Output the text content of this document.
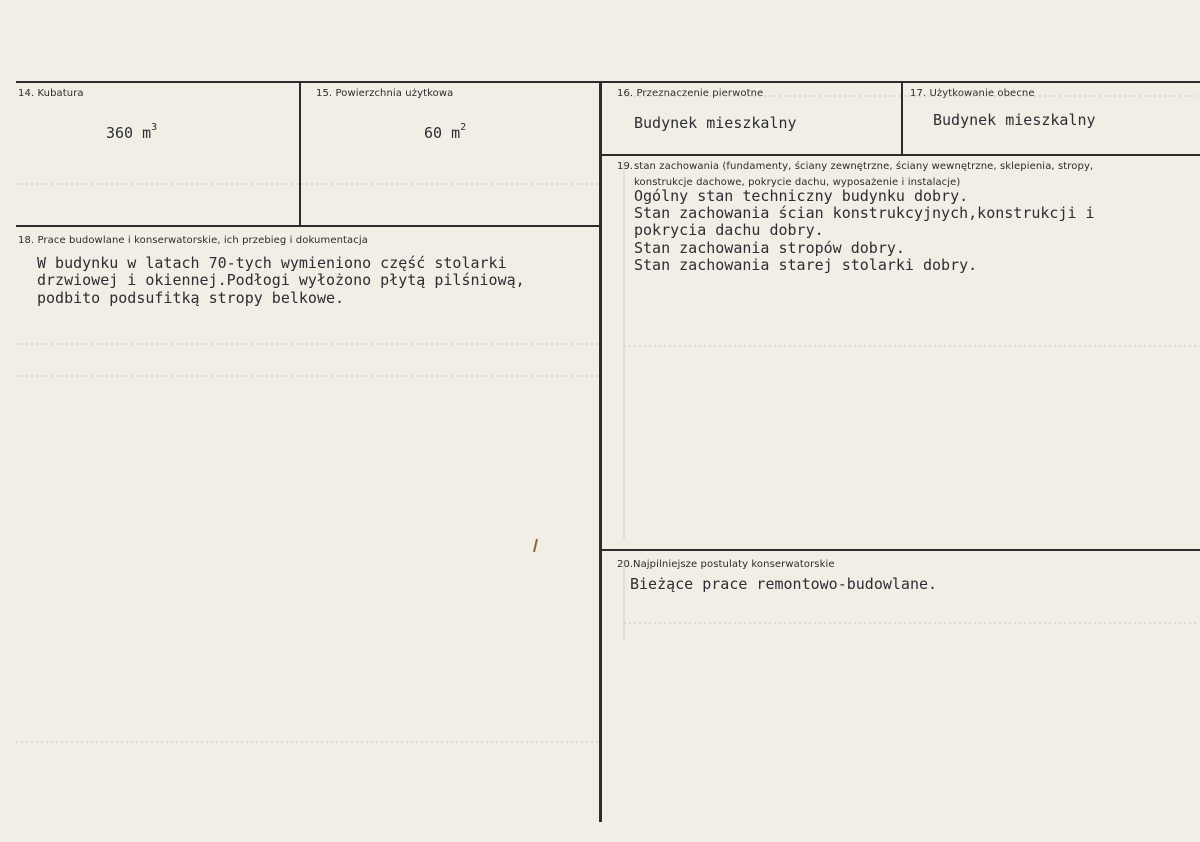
14. Kubatura
360 $m^3$
15. Powierzchnia użytkowa
60 $m^2$
16. Przeznaczenie pierwotne
Budynek mieszkalny
17. Użytkowanie obecne
Budynek mieszkalny
18. Prace budowlane i konserwatorskie, ich przebieg i dokumentacja
W budynku w latach 70-tych wymieniono część stolarki
drzwiowej i okiennej.Podłogi wyłożono płytą pilśniową,
podbito podsufitką stropy belkowe.
19. stan zachowania (fundamenty, ściany zewnętrzne, ściany wewnętrzne, sklepienia, stropy,
konstrukcje dachowe, pokrycie dachu, wyposażenie i instalacje)
Ogólny stan techniczny budynku dobry.
Stan zachowania ścian konstrukcyjnych,konstrukcji i
pokrycia dachu dobry.
Stan zachowania stropów dobry.
Stan zachowania starej stolarki dobry.
20. Najpilniejsze postulaty konserwatorskie
Bieżące prace remontowo-budowlane.
